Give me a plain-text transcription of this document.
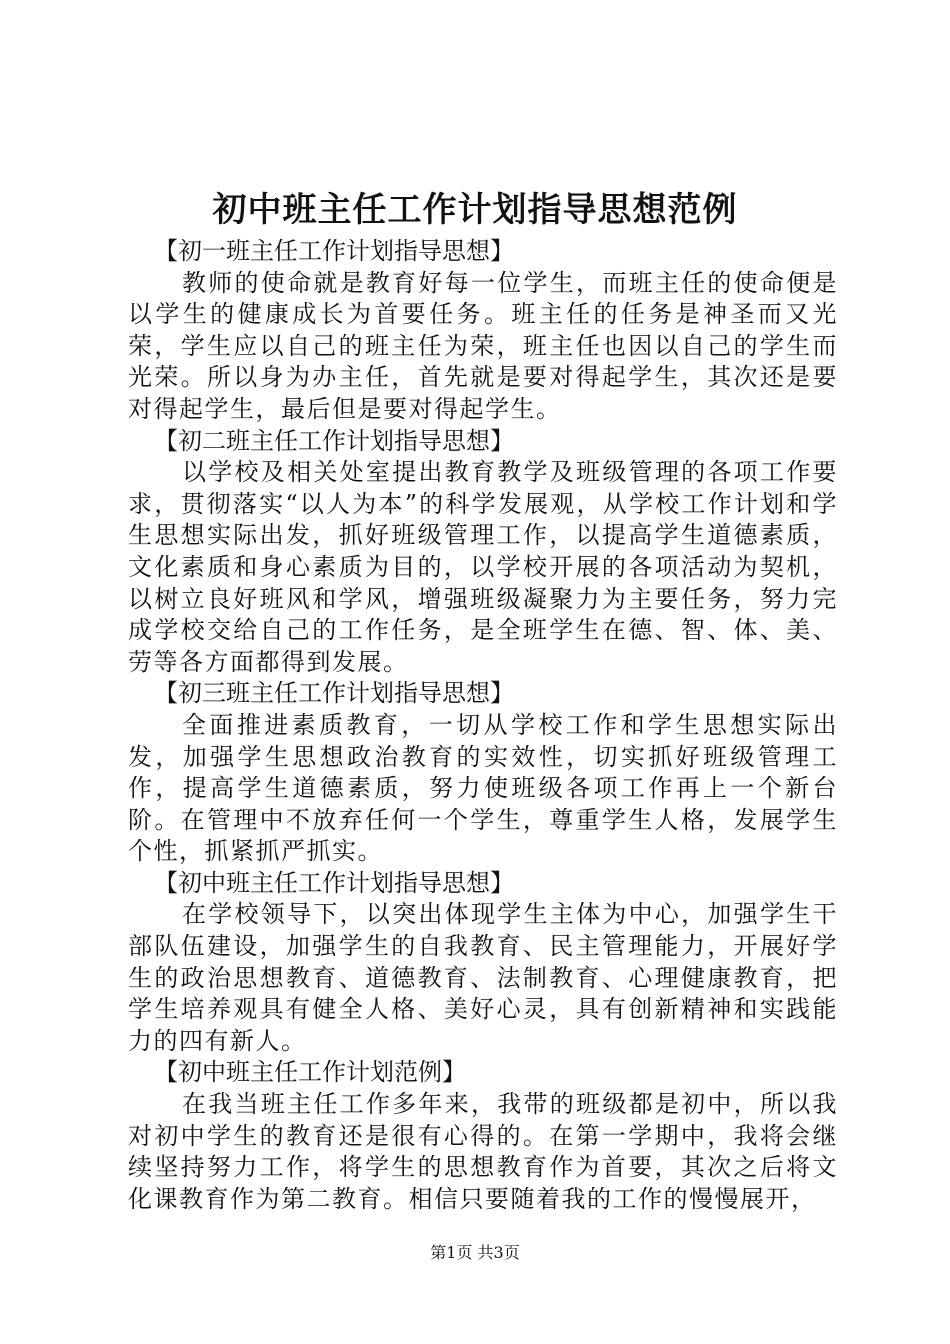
初中班主任工作计划指导思想范例

【初一班主任工作计划指导思想】

教师的使命就是教育好每一位学生，而班主任的使命便是以学生的健康成长为首要任务。班主任的任务是神圣而又光荣，学生应以自己的班主任为荣，班主任也因以自己的学生而光荣。所以身为办主任，首先就是要对得起学生，其次还是要对得起学生，最后但是要对得起学生。

【初二班主任工作计划指导思想】

以学校及相关处室提出教育教学及班级管理的各项工作要求，贯彻落实“以人为本”的科学发展观，从学校工作计划和学生思想实际出发，抓好班级管理工作，以提高学生道德素质，文化素质和身心素质为目的，以学校开展的各项活动为契机，以树立良好班风和学风，增强班级凝聚力为主要任务，努力完成学校交给自己的工作任务，是全班学生在德、智、体、美、劳等各方面都得到发展。

【初三班主任工作计划指导思想】

全面推进素质教育，一切从学校工作和学生思想实际出发，加强学生思想政治教育的实效性，切实抓好班级管理工作，提高学生道德素质，努力使班级各项工作再上一个新台阶。在管理中不放弃任何一个学生，尊重学生人格，发展学生个性，抓紧抓严抓实。

【初中班主任工作计划指导思想】

在学校领导下，以突出体现学生主体为中心，加强学生干部队伍建设，加强学生的自我教育、民主管理能力，开展好学生的政治思想教育、道德教育、法制教育、心理健康教育，把学生培养观具有健全人格、美好心灵，具有创新精神和实践能力的四有新人。

【初中班主任工作计划范例】

在我当班主任工作多年来，我带的班级都是初中，所以我对初中学生的教育还是很有心得的。在第一学期中，我将会继续坚持努力工作，将学生的思想教育作为首要，其次之后将文化课教育作为第二教育。相信只要随着我的工作的慢慢展开，

第1页 共3页
